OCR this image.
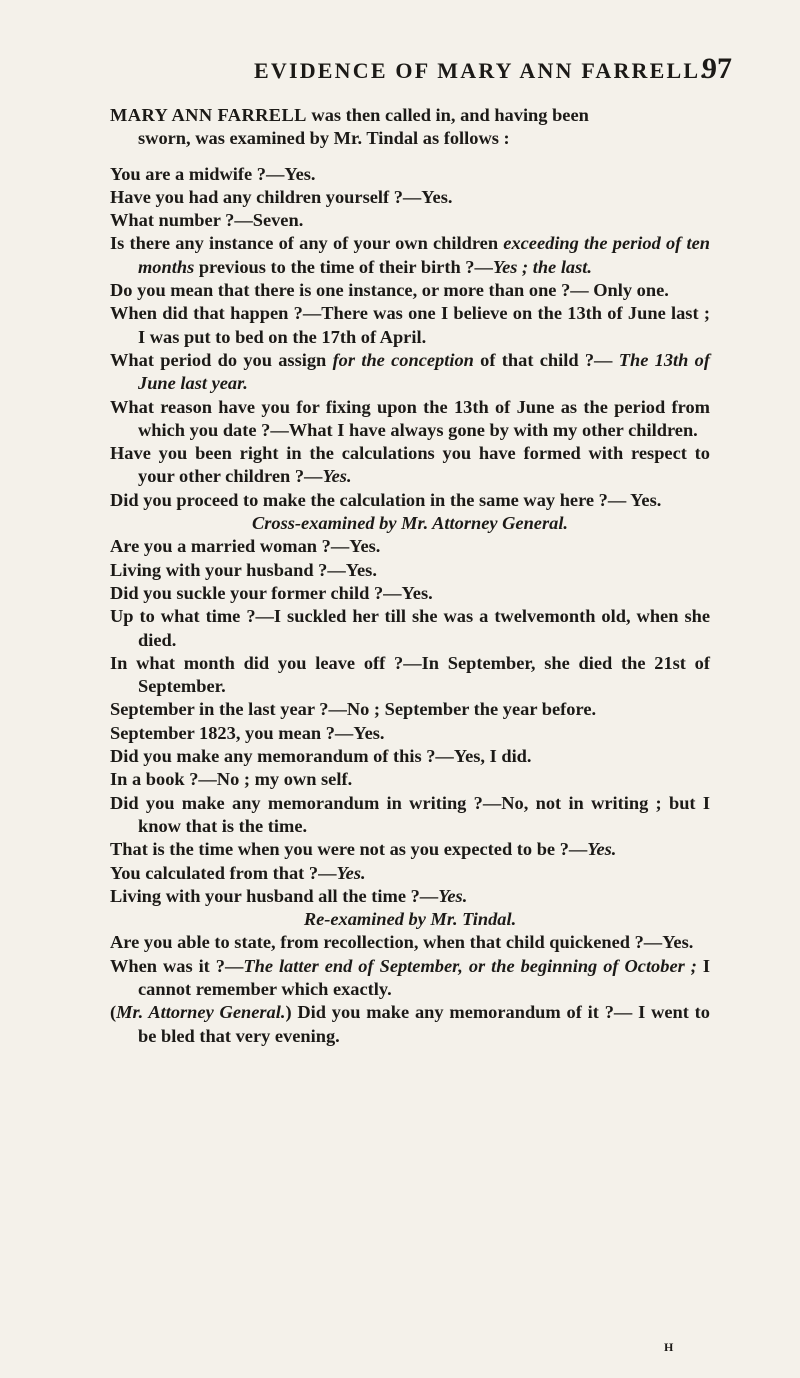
EVIDENCE OF MARY ANN FARRELL.
97

MARY ANN FARRELL was then called in, and having been

sworn, was examined by Mr. Tindal as follows :

You are a midwife ?—Yes.

Have you had any children yourself ?—Yes.

What number ?—Seven.

Is there any instance of any of your own children exceeding the period of ten months previous to the time of their birth ?—Yes ; the last.

Do you mean that there is one instance, or more than one ?— Only one.

When did that happen ?—There was one I believe on the 13th of June last ; I was put to bed on the 17th of April.

What period do you assign for the conception of that child ?— The 13th of June last year.

What reason have you for fixing upon the 13th of June as the period from which you date ?—What I have always gone by with my other children.

Have you been right in the calculations you have formed with respect to your other children ?—Yes.

Did you proceed to make the calculation in the same way here ?— Yes.

Cross-examined by Mr. Attorney General.

Are you a married woman ?—Yes.

Living with your husband ?—Yes.

Did you suckle your former child ?—Yes.

Up to what time ?—I suckled her till she was a twelvemonth old, when she died.

In what month did you leave off ?—In September, she died the 21st of September.

September in the last year ?—No ; September the year before.

September 1823, you mean ?—Yes.

Did you make any memorandum of this ?—Yes, I did.

In a book ?—No ; my own self.

Did you make any memorandum in writing ?—No, not in writing ; but I know that is the time.

That is the time when you were not as you expected to be ?—Yes.

You calculated from that ?—Yes.

Living with your husband all the time ?—Yes.

Re-examined by Mr. Tindal.

Are you able to state, from recollection, when that child quickened ?—Yes.

When was it ?—The latter end of September, or the beginning of October ; I cannot remember which exactly.

(Mr. Attorney General.) Did you make any memorandum of it ?— I went to be bled that very evening.

H
